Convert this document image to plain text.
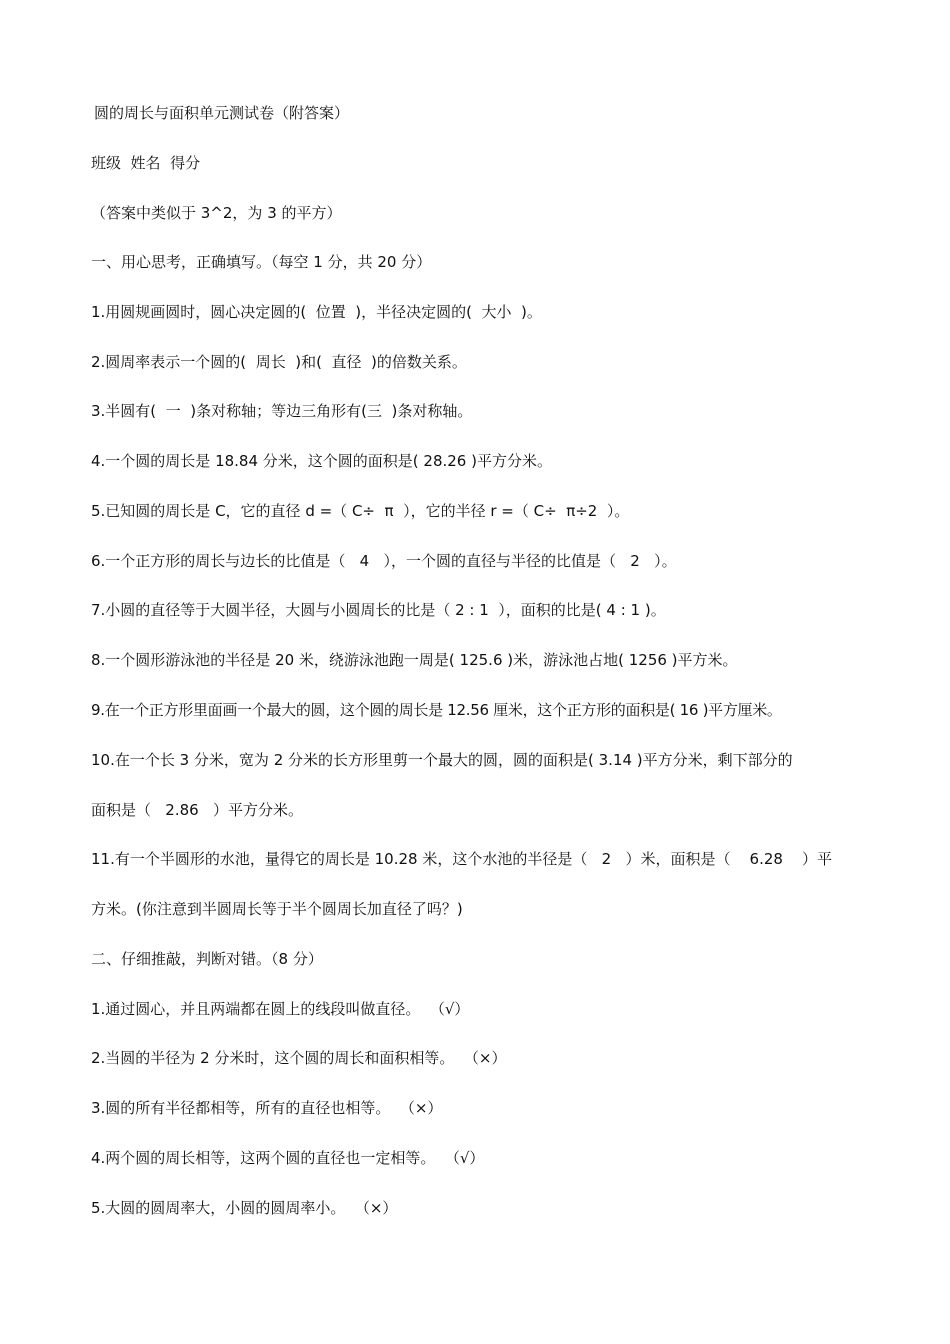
圆的周长与面积单元测试卷（附答案）
班级  姓名  得分
（答案中类似于 3^2，为 3 的平方）
一、用心思考，正确填写。（每空 1 分，共 20 分）
1.用圆规画圆时，圆心决定圆的(  位置  )，半径决定圆的(  大小  )。
2.圆周率表示一个圆的(  周长  )和(  直径  )的倍数关系。
3.半圆有(  一  )条对称轴；等边三角形有(三  )条对称轴。
4.一个圆的周长是 18.84 分米，这个圆的面积是( 28.26 )平方分米。
5.已知圆的周长是 C，它的直径 d =（ C÷  π  ），它的半径 r =（ C÷  π÷2  ）。
6.一个正方形的周长与边长的比值是（   4   ），一个圆的直径与半径的比值是（   2   ）。
7.小圆的直径等于大圆半径，大圆与小圆周长的比是（ 2 : 1  ），面积的比是( 4 : 1 )。
8.一个圆形游泳池的半径是 20 米，绕游泳池跑一周是( 125.6 )米，游泳池占地( 1256 )平方米。
9.在一个正方形里面画一个最大的圆，这个圆的周长是 12.56 厘米，这个正方形的面积是( 16 )平方厘米。
10.在一个长 3 分米，宽为 2 分米的长方形里剪一个最大的圆，圆的面积是( 3.14 )平方分米，剩下部分的
面积是（   2.86   ）平方分米。
11.有一个半圆形的水池，量得它的周长是 10.28 米，这个水池的半径是（   2   ）米，面积是（    6.28    ）平
方米。(你注意到半圆周长等于半个圆周长加直径了吗？)
二、仔细推敲，判断对错。（8 分）
1.通过圆心，并且两端都在圆上的线段叫做直径。  （√）
2.当圆的半径为 2 分米时，这个圆的周长和面积相等。  （×）
3.圆的所有半径都相等，所有的直径也相等。  （×）
4.两个圆的周长相等，这两个圆的直径也一定相等。  （√）
5.大圆的圆周率大，小圆的圆周率小。  （×）
